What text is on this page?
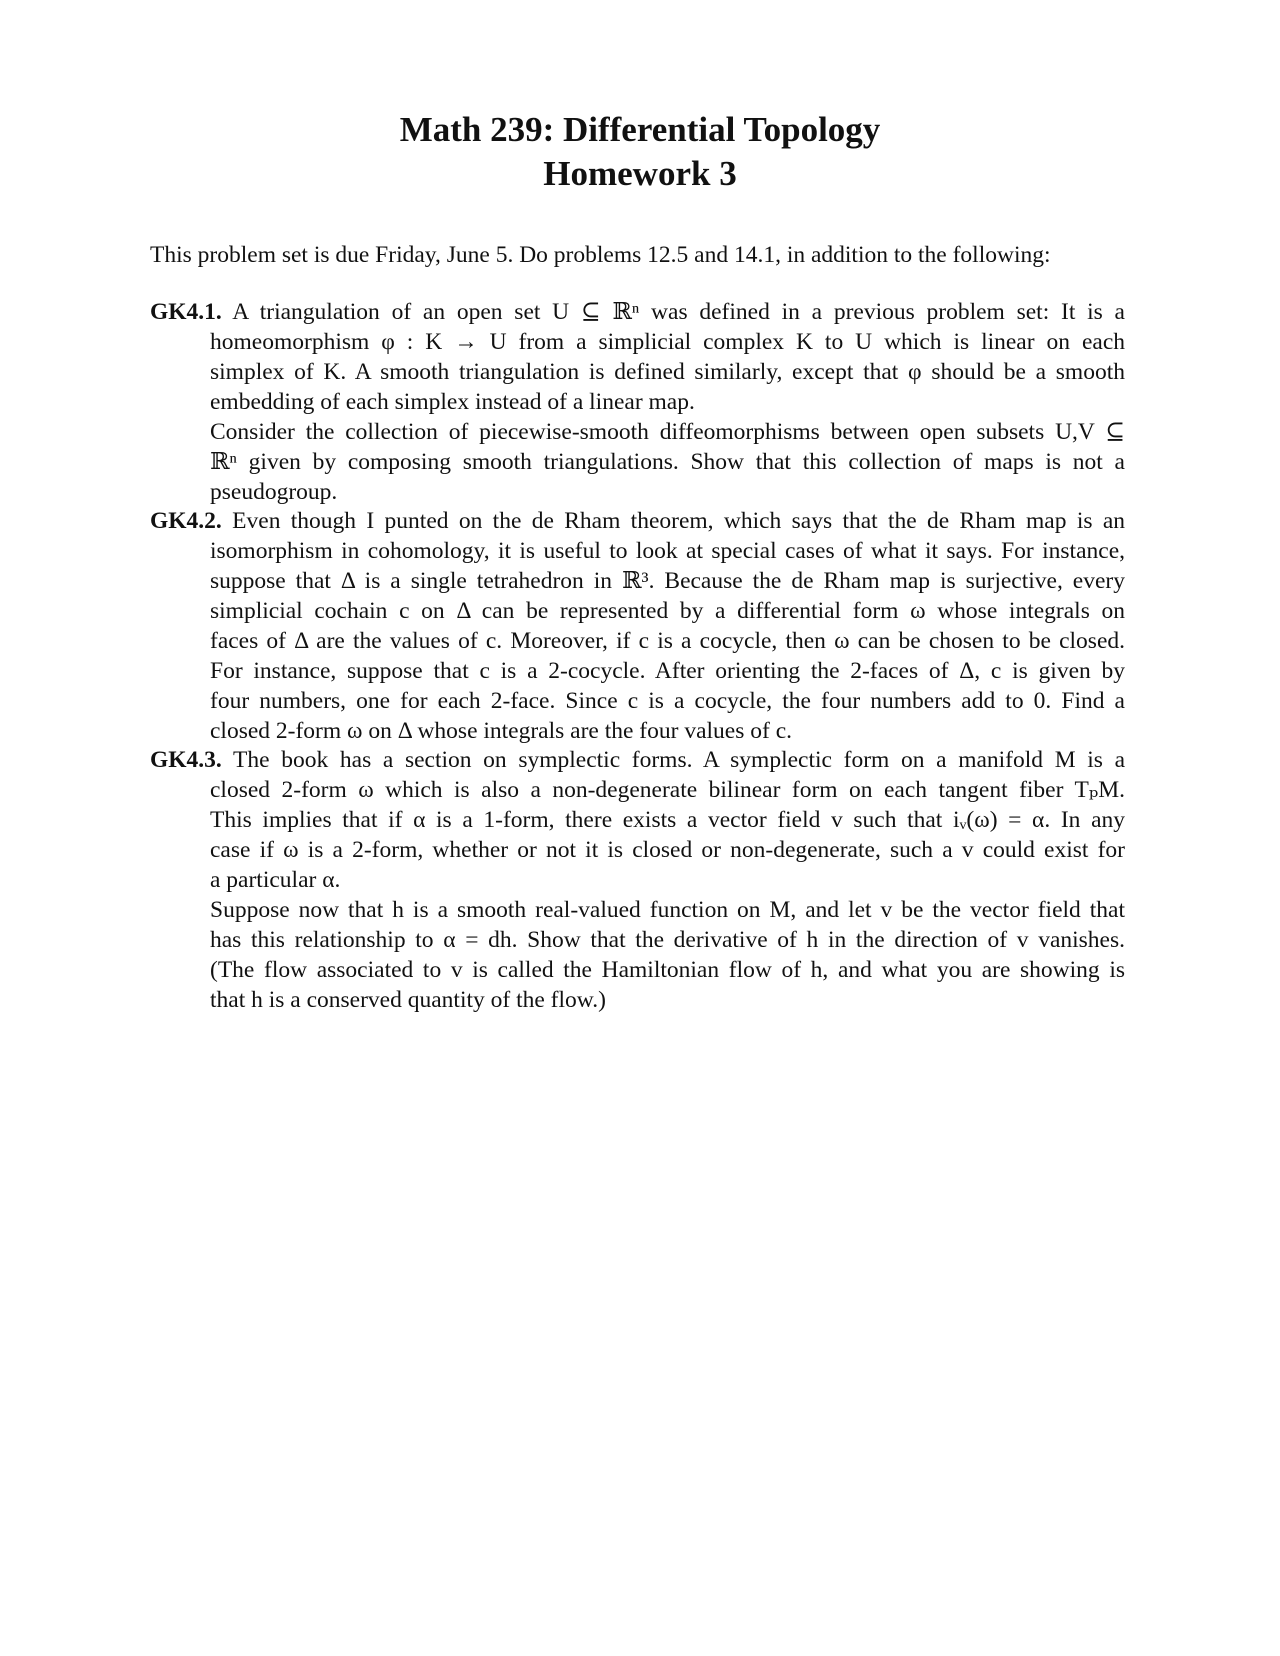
Math 239: Differential Topology
Homework 3
This problem set is due Friday, June 5. Do problems 12.5 and 14.1, in addition to the following:
GK4.1. A triangulation of an open set U ⊆ ℝⁿ was defined in a previous problem set: It is a
homeomorphism φ : K → U from a simplicial complex K to U which is linear on each
simplex of K. A smooth triangulation is defined similarly, except that φ should be a smooth
embedding of each simplex instead of a linear map.
Consider the collection of piecewise-smooth diffeomorphisms between open subsets U,V ⊆
ℝⁿ given by composing smooth triangulations. Show that this collection of maps is not a
pseudogroup.
GK4.2. Even though I punted on the de Rham theorem, which says that the de Rham map is an
isomorphism in cohomology, it is useful to look at special cases of what it says. For instance,
suppose that Δ is a single tetrahedron in ℝ³. Because the de Rham map is surjective, every
simplicial cochain c on Δ can be represented by a differential form ω whose integrals on
faces of Δ are the values of c. Moreover, if c is a cocycle, then ω can be chosen to be closed.
For instance, suppose that c is a 2-cocycle. After orienting the 2-faces of Δ, c is given by
four numbers, one for each 2-face. Since c is a cocycle, the four numbers add to 0. Find a
closed 2-form ω on Δ whose integrals are the four values of c.
GK4.3. The book has a section on symplectic forms. A symplectic form on a manifold M is a
closed 2-form ω which is also a non-degenerate bilinear form on each tangent fiber TₚM.
This implies that if α is a 1-form, there exists a vector field v such that iᵥ(ω) = α. In any
case if ω is a 2-form, whether or not it is closed or non-degenerate, such a v could exist for
a particular α.
Suppose now that h is a smooth real-valued function on M, and let v be the vector field that
has this relationship to α = dh. Show that the derivative of h in the direction of v vanishes.
(The flow associated to v is called the Hamiltonian flow of h, and what you are showing is
that h is a conserved quantity of the flow.)
